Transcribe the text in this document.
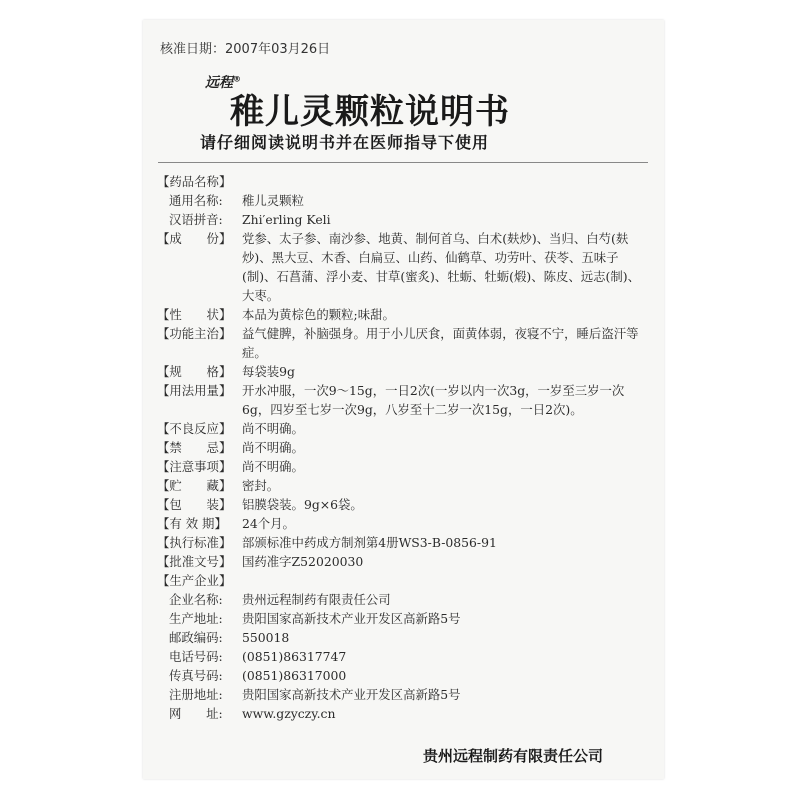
核准日期：2007年03月26日
远程®
稚儿灵颗粒说明书
请仔细阅读说明书并在医师指导下使用
【药品名称】
通用名称:	稚儿灵颗粒
汉语拼音:	Zhi′erling Keli
【成　　份】 党参、太子参、南沙参、地黄、制何首乌、白术(麸炒)、当归、白芍(麸炒)、黑大豆、木香、白扁豆、山药、仙鹤草、功劳叶、茯苓、五味子(制)、石菖蒲、浮小麦、甘草(蜜炙)、牡蛎、牡蛎(煅)、陈皮、远志(制)、大枣。
【性　　状】 本品为黄棕色的颗粒;味甜。
【功能主治】 益气健脾，补脑强身。用于小儿厌食，面黄体弱，夜寝不宁，睡后盗汗等症。
【规　　格】 每袋装9g
【用法用量】 开水冲服，一次9～15g，一日2次(一岁以内一次3g，一岁至三岁一次6g，四岁至七岁一次9g，八岁至十二岁一次15g，一日2次)。
【不良反应】 尚不明确。
【禁　　忌】 尚不明确。
【注意事项】 尚不明确。
【贮　　藏】 密封。
【包　　装】 铝膜袋装。9g×6袋。
【有 效 期】	24个月。
【执行标准】 部颁标准中药成方制剂第4册WS3-B-0856-91
【批准文号】 国药准字Z52020030
【生产企业】
企业名称:	贵州远程制药有限责任公司
生产地址:	贵阳国家高新技术产业开发区高新路5号
邮政编码:	550018
电话号码:	(0851)86317747
传真号码:	(0851)86317000
注册地址:	贵阳国家高新技术产业开发区高新路5号
网　　址:	www.gzyczy.cn
贵州远程制药有限责任公司
